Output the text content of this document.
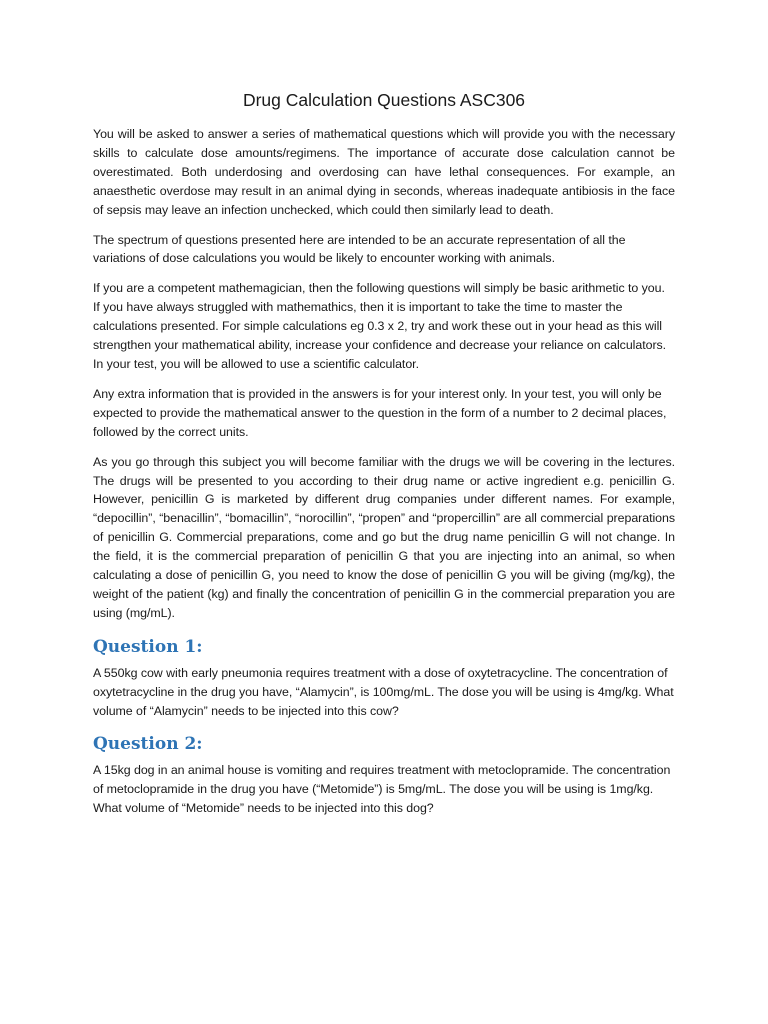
Drug Calculation Questions ASC306

You will be asked to answer a series of mathematical questions which will provide you with the necessary skills to calculate dose amounts/regimens. The importance of accurate dose calculation cannot be overestimated. Both underdosing and overdosing can have lethal consequences. For example, an anaesthetic overdose may result in an animal dying in seconds, whereas inadequate antibiosis in the face of sepsis may leave an infection unchecked, which could then similarly lead to death.

The spectrum of questions presented here are intended to be an accurate representation of all the variations of dose calculations you would be likely to encounter working with animals.

If you are a competent mathemagician, then the following questions will simply be basic arithmetic to you. If you have always struggled with mathemathics, then it is important to take the time to master the calculations presented. For simple calculations eg 0.3 x 2, try and work these out in your head as this will strengthen your mathematical ability, increase your confidence and decrease your reliance on calculators. In your test, you will be allowed to use a scientific calculator.

Any extra information that is provided in the answers is for your interest only. In your test, you will only be expected to provide the mathematical answer to the question in the form of a number to 2 decimal places, followed by the correct units.

As you go through this subject you will become familiar with the drugs we will be covering in the lectures. The drugs will be presented to you according to their drug name or active ingredient e.g. penicillin G. However, penicillin G is marketed by different drug companies under different names. For example, “depocillin”, “benacillin”, “bomacillin”, “norocillin”, “propen” and “propercillin” are all commercial preparations of penicillin G. Commercial preparations, come and go but the drug name penicillin G will not change. In the field, it is the commercial preparation of penicillin G that you are injecting into an animal, so when calculating a dose of penicillin G, you need to know the dose of penicillin G you will be giving (mg/kg), the weight of the patient (kg) and finally the concentration of penicillin G in the commercial preparation you are using (mg/mL).

Question 1:

A 550kg cow with early pneumonia requires treatment with a dose of oxytetracycline. The concentration of oxytetracycline in the drug you have, “Alamycin”, is 100mg/mL. The dose you will be using is 4mg/kg. What volume of “Alamycin” needs to be injected into this cow?

Question 2:

A 15kg dog in an animal house is vomiting and requires treatment with metoclopramide. The concentration of metoclopramide in the drug you have (“Metomide”) is 5mg/mL. The dose you will be using is 1mg/kg. What volume of “Metomide” needs to be injected into this dog?
